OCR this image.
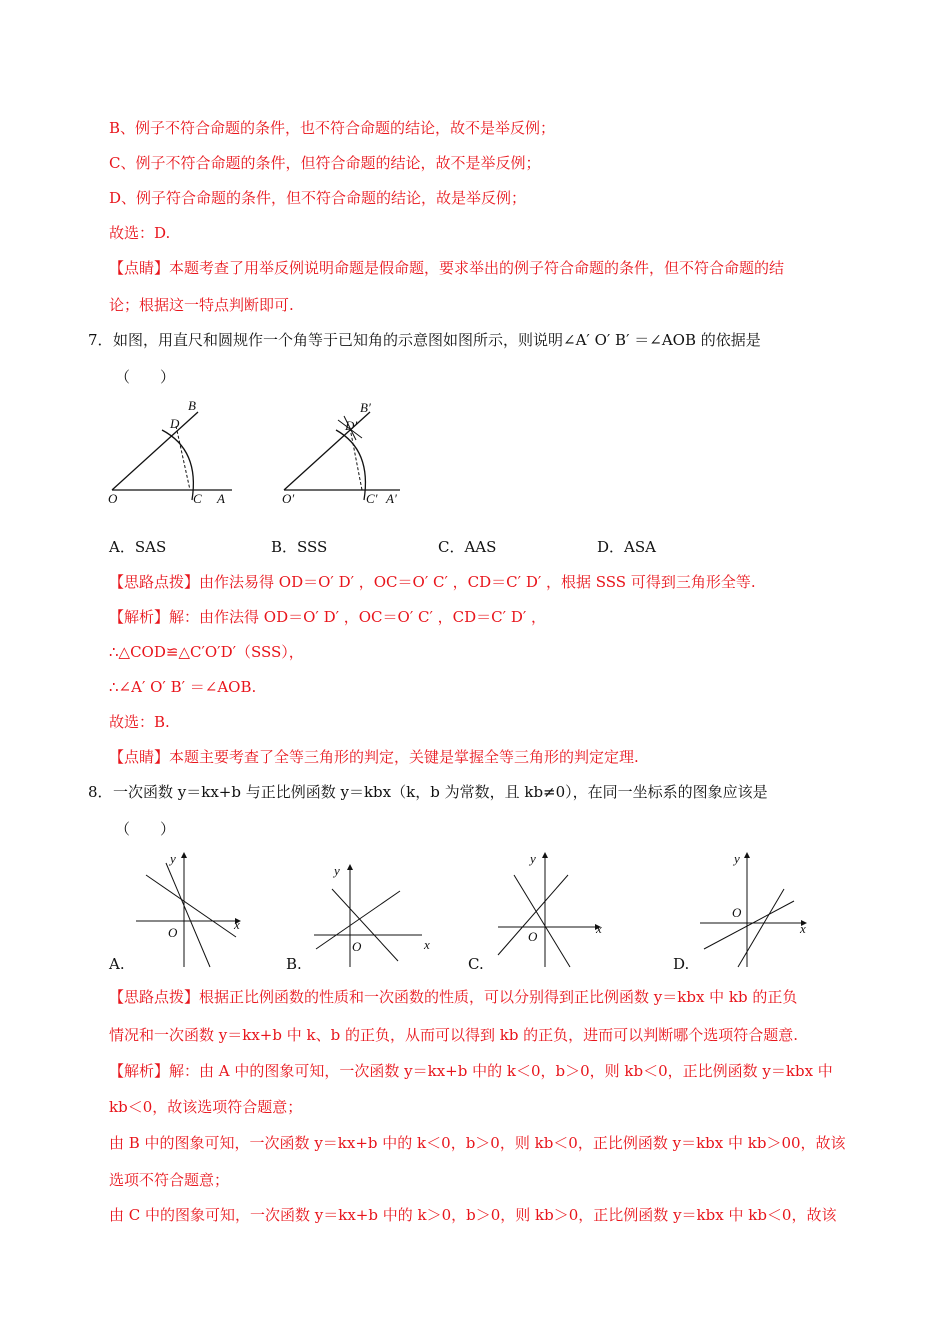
B、例子不符合命题的条件，也不符合命题的结论，故不是举反例；
C、例子不符合命题的条件，但符合命题的结论，故不是举反例；
D、例子符合命题的条件，但不符合命题的结论，故是举反例；
故选：D.
【点睛】本题考查了用举反例说明命题是假命题，要求举出的例子符合命题的条件，但不符合命题的结
论；根据这一特点判断即可.
7． 如图，用直尺和圆规作一个角等于已知角的示意图如图所示，则说明∠A′ O′ B′ ＝∠AOB 的依据是
（　　）
B
D
O	C A
B′
D′
O′	C′ A′
A．SAS	B．SSS	C．AAS	D．ASA
【思路点拨】由作法易得 OD＝O′ D′ ，OC＝O′ C′ ，CD＝C′ D′ ，根据 SSS 可得到三角形全等.
【解析】解：由作法得 OD＝O′ D′ ，OC＝O′ C′ ，CD＝C′ D′ ，
∴△COD≌△C′O′D′（SSS），
∴∠A′ O′ B′ ＝∠AOB.
故选：B.
【点睛】本题主要考查了全等三角形的判定，关键是掌握全等三角形的判定定理.
8． 一次函数 y＝kx+b 与正比例函数 y＝kbx（k，b 为常数，且 kb≠0），在同一坐标系的图象应该是
（　　）
y
x
O
y
x
O
y
x
O
y
x
O
A.	B.	C.	D.
【思路点拨】根据正比例函数的性质和一次函数的性质，可以分别得到正比例函数 y＝kbx 中 kb 的正负
情况和一次函数 y＝kx+b 中 k、b 的正负，从而可以得到 kb 的正负，进而可以判断哪个选项符合题意.
【解析】解：由 A 中的图象可知，一次函数 y＝kx+b 中的 k＜0，b＞0，则 kb＜0，正比例函数 y＝kbx 中
kb＜0，故该选项符合题意；
由 B 中的图象可知，一次函数 y＝kx+b 中的 k＜0，b＞0，则 kb＜0，正比例函数 y＝kbx 中 kb＞00，故该
选项不符合题意；
由 C 中的图象可知，一次函数 y＝kx+b 中的 k＞0，b＞0，则 kb＞0，正比例函数 y＝kbx 中 kb＜0，故该
